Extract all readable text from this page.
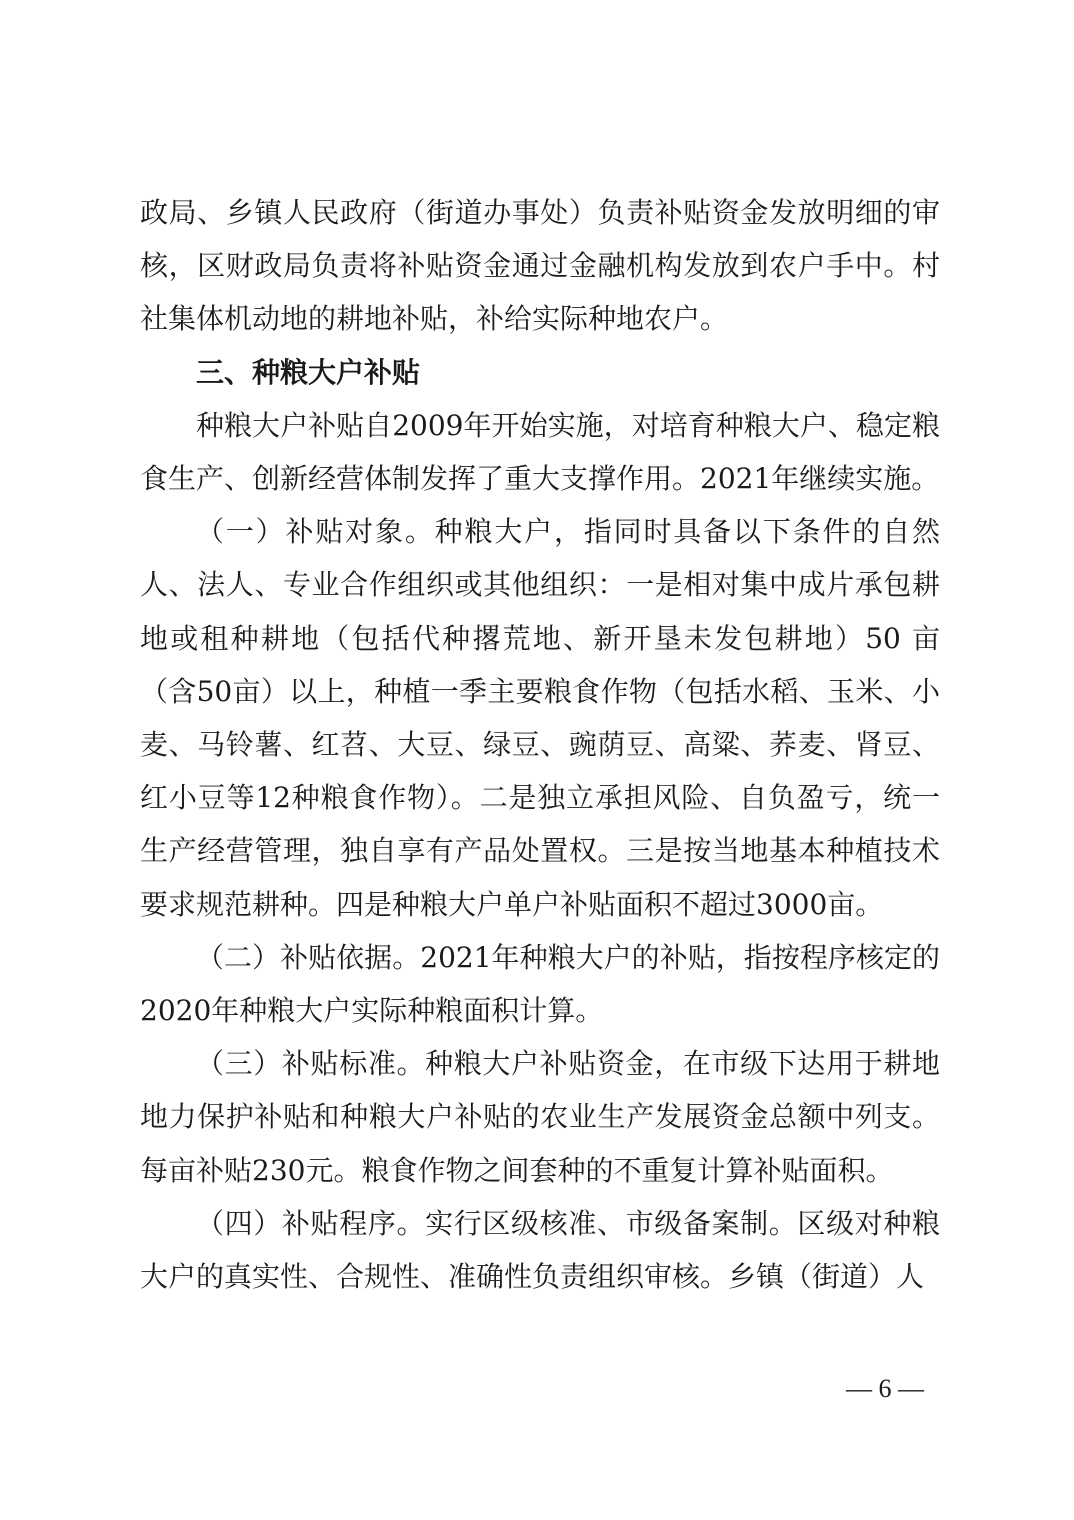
政局、乡镇人民政府（街道办事处）负责补贴资金发放明细的审核，区财政局负责将补贴资金通过金融机构发放到农户手中。村社集体机动地的耕地补贴，补给实际种地农户。

三、种粮大户补贴

种粮大户补贴自2009年开始实施，对培育种粮大户、稳定粮食生产、创新经营体制发挥了重大支撑作用。2021年继续实施。

（一）补贴对象。种粮大户，指同时具备以下条件的自然人、法人、专业合作组织或其他组织：一是相对集中成片承包耕地或租种耕地（包括代种撂荒地、新开垦未发包耕地）50 亩（含50亩）以上，种植一季主要粮食作物（包括水稻、玉米、小麦、马铃薯、红苕、大豆、绿豆、豌荫豆、高粱、荞麦、肾豆、红小豆等12种粮食作物）。二是独立承担风险、自负盈亏，统一生产经营管理，独自享有产品处置权。三是按当地基本种植技术要求规范耕种。四是种粮大户单户补贴面积不超过3000亩。

（二）补贴依据。2021年种粮大户的补贴，指按程序核定的2020年种粮大户实际种粮面积计算。

（三）补贴标准。种粮大户补贴资金，在市级下达用于耕地地力保护补贴和种粮大户补贴的农业生产发展资金总额中列支。每亩补贴230元。粮食作物之间套种的不重复计算补贴面积。

（四）补贴程序。实行区级核准、市级备案制。区级对种粮大户的真实性、合规性、准确性负责组织审核。乡镇（街道）人

— 6 —
